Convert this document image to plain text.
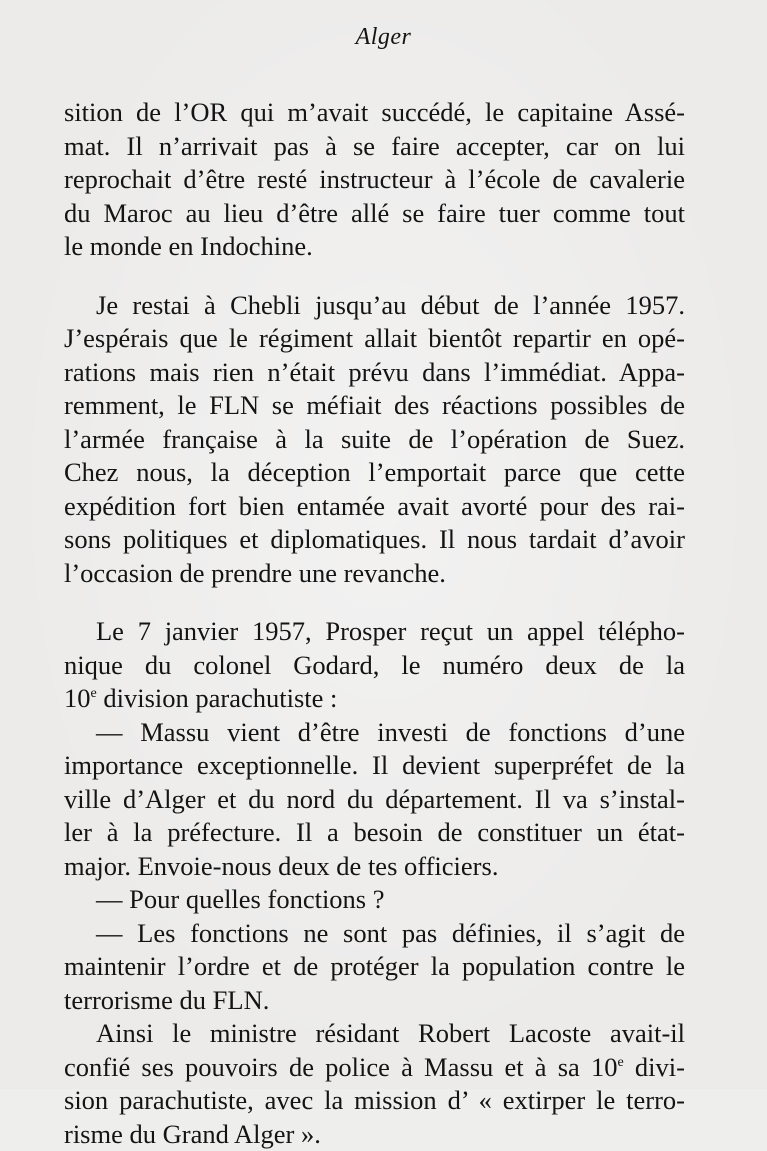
Alger
sition de l’OR qui m’avait succédé, le capitaine Assé-
mat. Il n’arrivait pas à se faire accepter, car on lui
reprochait d’être resté instructeur à l’école de cavalerie
du Maroc au lieu d’être allé se faire tuer comme tout
le monde en Indochine.
Je restai à Chebli jusqu’au début de l’année 1957.
J’espérais que le régiment allait bientôt repartir en opé-
rations mais rien n’était prévu dans l’immédiat. Appa-
remment, le FLN se méfiait des réactions possibles de
l’armée française à la suite de l’opération de Suez.
Chez nous, la déception l’emportait parce que cette
expédition fort bien entamée avait avorté pour des rai-
sons politiques et diplomatiques. Il nous tardait d’avoir
l’occasion de prendre une revanche.
Le 7 janvier 1957, Prosper reçut un appel télépho-
nique du colonel Godard, le numéro deux de la
10e division parachutiste :
— Massu vient d’être investi de fonctions d’une
importance exceptionnelle. Il devient superpréfet de la
ville d’Alger et du nord du département. Il va s’instal-
ler à la préfecture. Il a besoin de constituer un état-
major. Envoie-nous deux de tes officiers.
— Pour quelles fonctions ?
— Les fonctions ne sont pas définies, il s’agit de
maintenir l’ordre et de protéger la population contre le
terrorisme du FLN.
Ainsi le ministre résidant Robert Lacoste avait-il
confié ses pouvoirs de police à Massu et à sa 10e divi-
sion parachutiste, avec la mission d’ « extirper le terro-
risme du Grand Alger ».
